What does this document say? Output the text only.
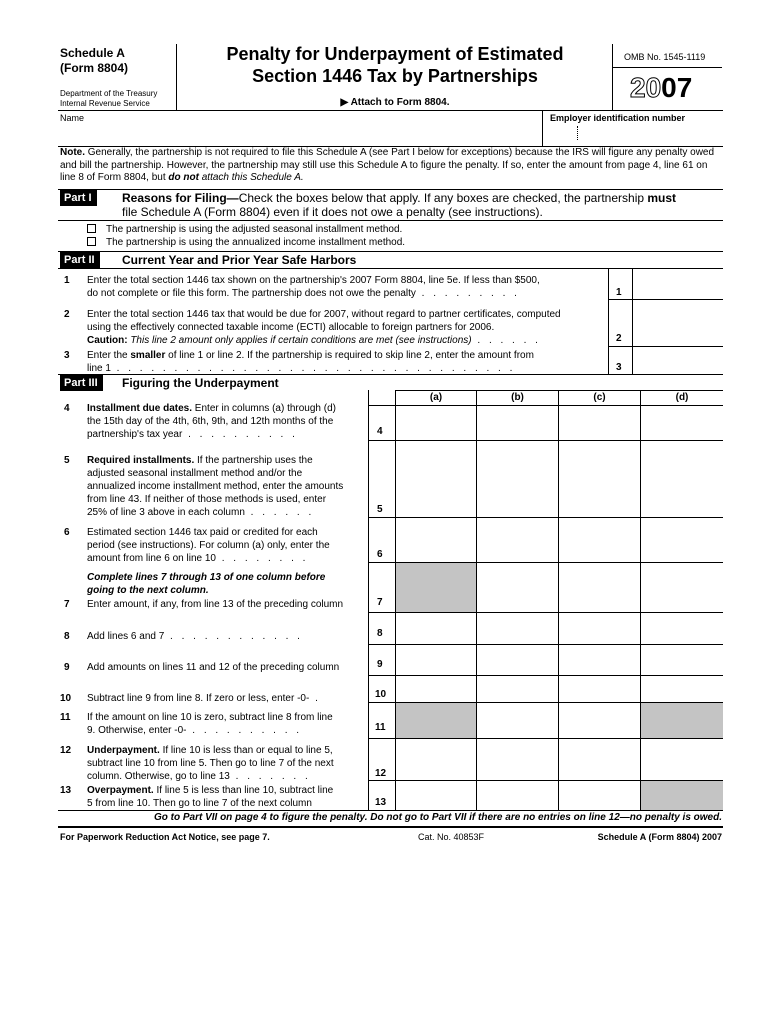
Schedule A
(Form 8804)
Department of the Treasury
Internal Revenue Service
Penalty for Underpayment of Estimated
Section 1446 Tax by Partnerships
▶ Attach to Form 8804.
OMB No. 1545-1119
2007
Name	Employer identification number
Note. Generally, the partnership is not required to file this Schedule A (see Part I below for exceptions) because the IRS will figure any penalty owed and bill the partnership. However, the partnership may still use this Schedule A to figure the penalty. If so, enter the amount from page 4, line 61 on line 8 of Form 8804, but do not attach this Schedule A.
Part I	Reasons for Filing—Check the boxes below that apply. If any boxes are checked, the partnership must
file Schedule A (Form 8804) even if it does not owe a penalty (see instructions).
The partnership is using the adjusted seasonal installment method.
The partnership is using the annualized income installment method.
Part II	Current Year and Prior Year Safe Harbors
1 Enter the total section 1446 tax shown on the partnership's 2007 Form 8804, line 5e. If less than $500,
do not complete or file this form. The partnership does not owe the penalty . . . . . . . . .	1
2 Enter the total section 1446 tax that would be due for 2007, without regard to partner certificates, computed
using the effectively connected taxable income (ECTI) allocable to foreign partners for 2006.
Caution: This line 2 amount only applies if certain conditions are met (see instructions) . . . . . .	2
3 Enter the smaller of line 1 or line 2. If the partnership is required to skip line 2, enter the amount from
line 1 . . . . . . . . . . . . . . . . . . . . . . . . . . . . . . . . . . .	3
Part III	Figuring the Underpayment
(a)	(b)	(c)	(d)
4 Installment due dates. Enter in columns (a) through (d)
the 15th day of the 4th, 6th, 9th, and 12th months of the
partnership's tax year . . . . . . . . . .	4
5 Required installments. If the partnership uses the
adjusted seasonal installment method and/or the
annualized income installment method, enter the amounts
from line 43. If neither of those methods is used, enter
25% of line 3 above in each column . . . . . .	5
6 Estimated section 1446 tax paid or credited for each
period (see instructions). For column (a) only, enter the
amount from line 6 on line 10 . . . . . . . .	6
Complete lines 7 through 13 of one column before
going to the next column.
7 Enter amount, if any, from line 13 of the preceding column	7
8 Add lines 6 and 7 . . . . . . . . . . . .	8
9 Add amounts on lines 11 and 12 of the preceding column	9
10 Subtract line 9 from line 8. If zero or less, enter -0- .	10
11 If the amount on line 10 is zero, subtract line 8 from line
9. Otherwise, enter -0- . . . . . . . . . .	11
12 Underpayment. If line 10 is less than or equal to line 5,
subtract line 10 from line 5. Then go to line 7 of the next
column. Otherwise, go to line 13 . . . . . . .	12
13 Overpayment. If line 5 is less than line 10, subtract line
5 from line 10. Then go to line 7 of the next column	13
Go to Part VII on page 4 to figure the penalty. Do not go to Part VII if there are no entries on line 12—no penalty is owed.
For Paperwork Reduction Act Notice, see page 7.	Cat. No. 40853F	Schedule A (Form 8804) 2007
